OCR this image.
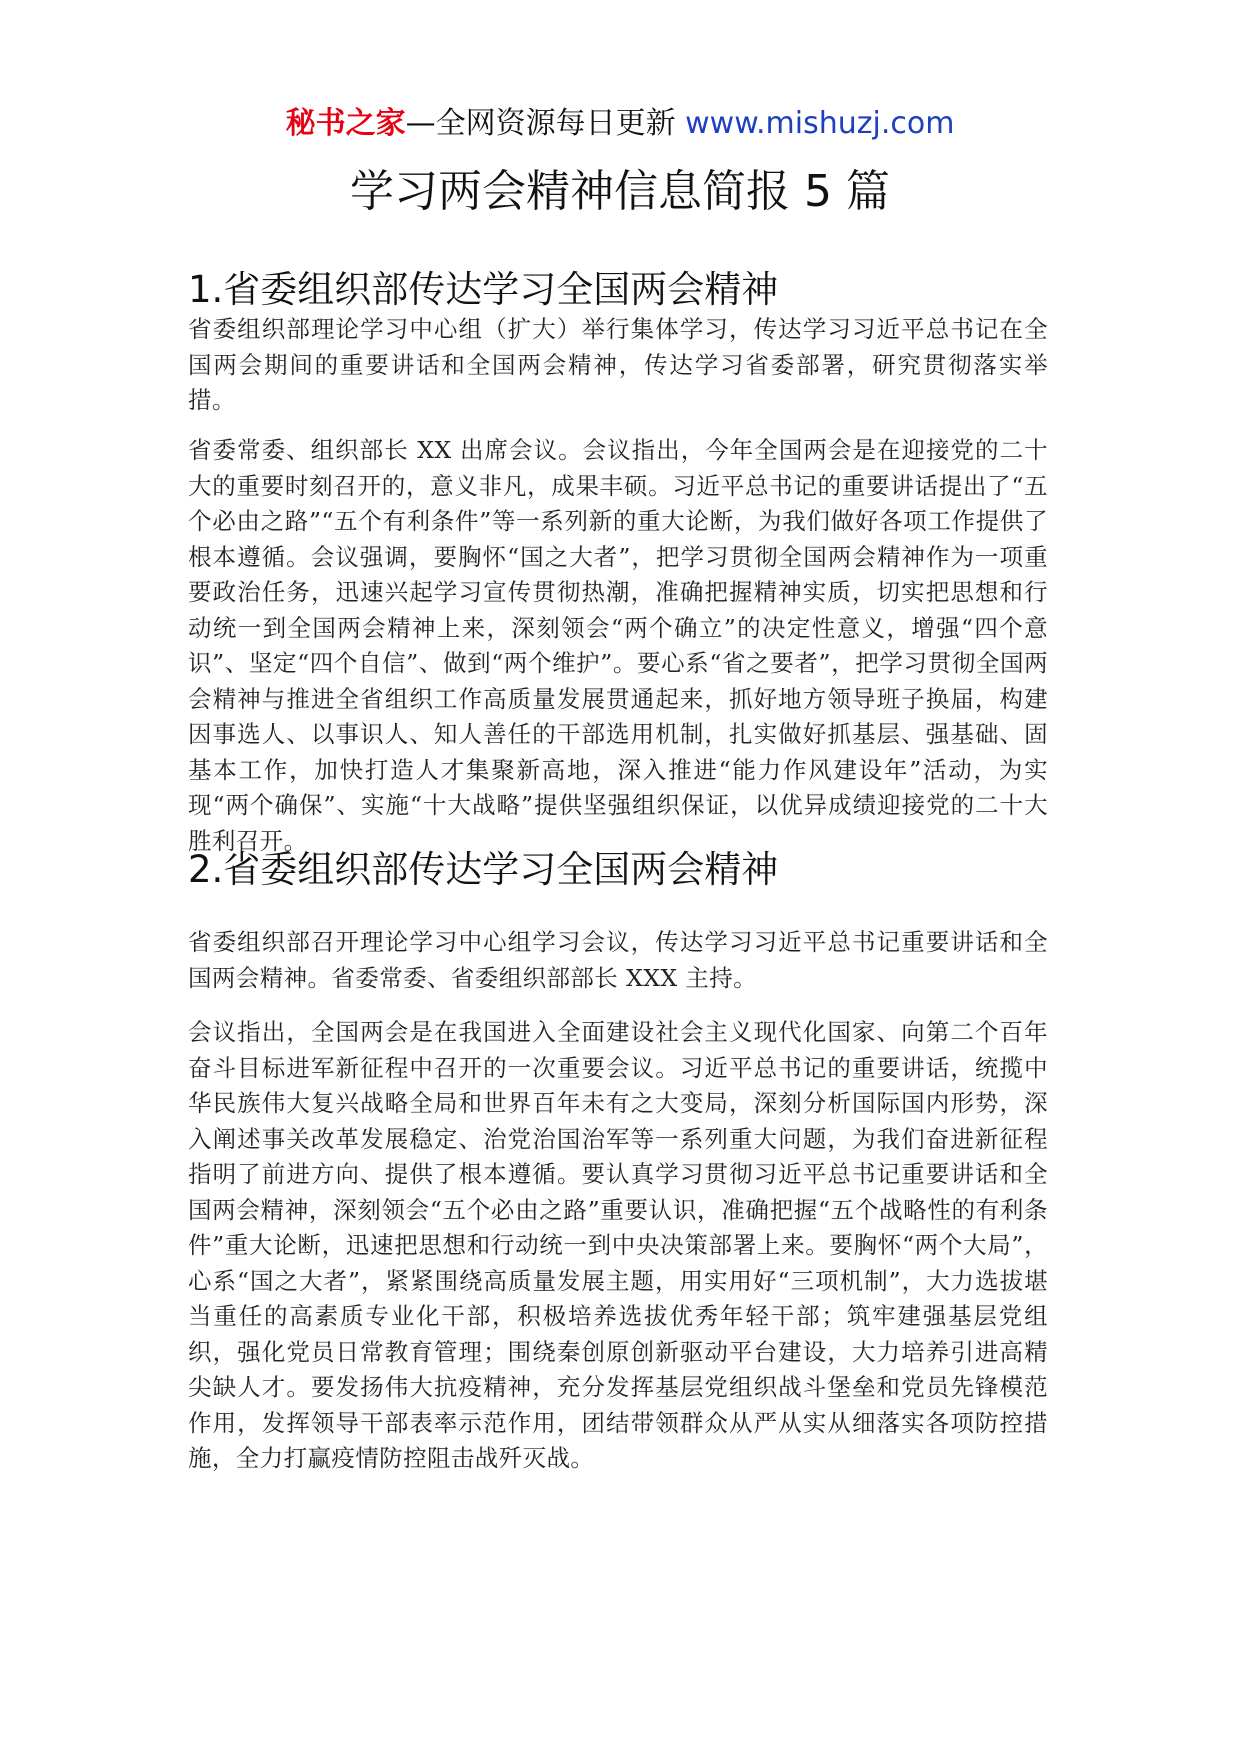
秘书之家—全网资源每日更新 www.mishuzj.com
学习两会精神信息简报 5 篇
1.省委组织部传达学习全国两会精神

省委组织部理论学习中心组（扩大）举行集体学习，传达学习习近平总书记在全国两会期间的重要讲话和全国两会精神，传达学习省委部署，研究贯彻落实举措。

省委常委、组织部长 XX 出席会议。会议指出，今年全国两会是在迎接党的二十大的重要时刻召开的，意义非凡，成果丰硕。习近平总书记的重要讲话提出了“五个必由之路”“五个有利条件”等一系列新的重大论断，为我们做好各项工作提供了根本遵循。会议强调，要胸怀“国之大者”，把学习贯彻全国两会精神作为一项重要政治任务，迅速兴起学习宣传贯彻热潮，准确把握精神实质，切实把思想和行动统一到全国两会精神上来，深刻领会“两个确立”的决定性意义，增强“四个意识”、坚定“四个自信”、做到“两个维护”。要心系“省之要者”，把学习贯彻全国两会精神与推进全省组织工作高质量发展贯通起来，抓好地方领导班子换届，构建因事选人、以事识人、知人善任的干部选用机制，扎实做好抓基层、强基础、固基本工作，加快打造人才集聚新高地，深入推进“能力作风建设年”活动，为实现“两个确保”、实施“十大战略”提供坚强组织保证，以优异成绩迎接党的二十大胜利召开。

2.省委组织部传达学习全国两会精神

省委组织部召开理论学习中心组学习会议，传达学习习近平总书记重要讲话和全国两会精神。省委常委、省委组织部部长 XXX 主持。

会议指出，全国两会是在我国进入全面建设社会主义现代化国家、向第二个百年奋斗目标进军新征程中召开的一次重要会议。习近平总书记的重要讲话，统揽中华民族伟大复兴战略全局和世界百年未有之大变局，深刻分析国际国内形势，深入阐述事关改革发展稳定、治党治国治军等一系列重大问题，为我们奋进新征程指明了前进方向、提供了根本遵循。要认真学习贯彻习近平总书记重要讲话和全国两会精神，深刻领会“五个必由之路”重要认识，准确把握“五个战略性的有利条件”重大论断，迅速把思想和行动统一到中央决策部署上来。要胸怀“两个大局”，心系“国之大者”，紧紧围绕高质量发展主题，用实用好“三项机制”，大力选拔堪当重任的高素质专业化干部，积极培养选拔优秀年轻干部；筑牢建强基层党组织，强化党员日常教育管理；围绕秦创原创新驱动平台建设，大力培养引进高精尖缺人才。要发扬伟大抗疫精神，充分发挥基层党组织战斗堡垒和党员先锋模范作用，发挥领导干部表率示范作用，团结带领群众从严从实从细落实各项防控措施，全力打赢疫情防控阻击战歼灭战。
